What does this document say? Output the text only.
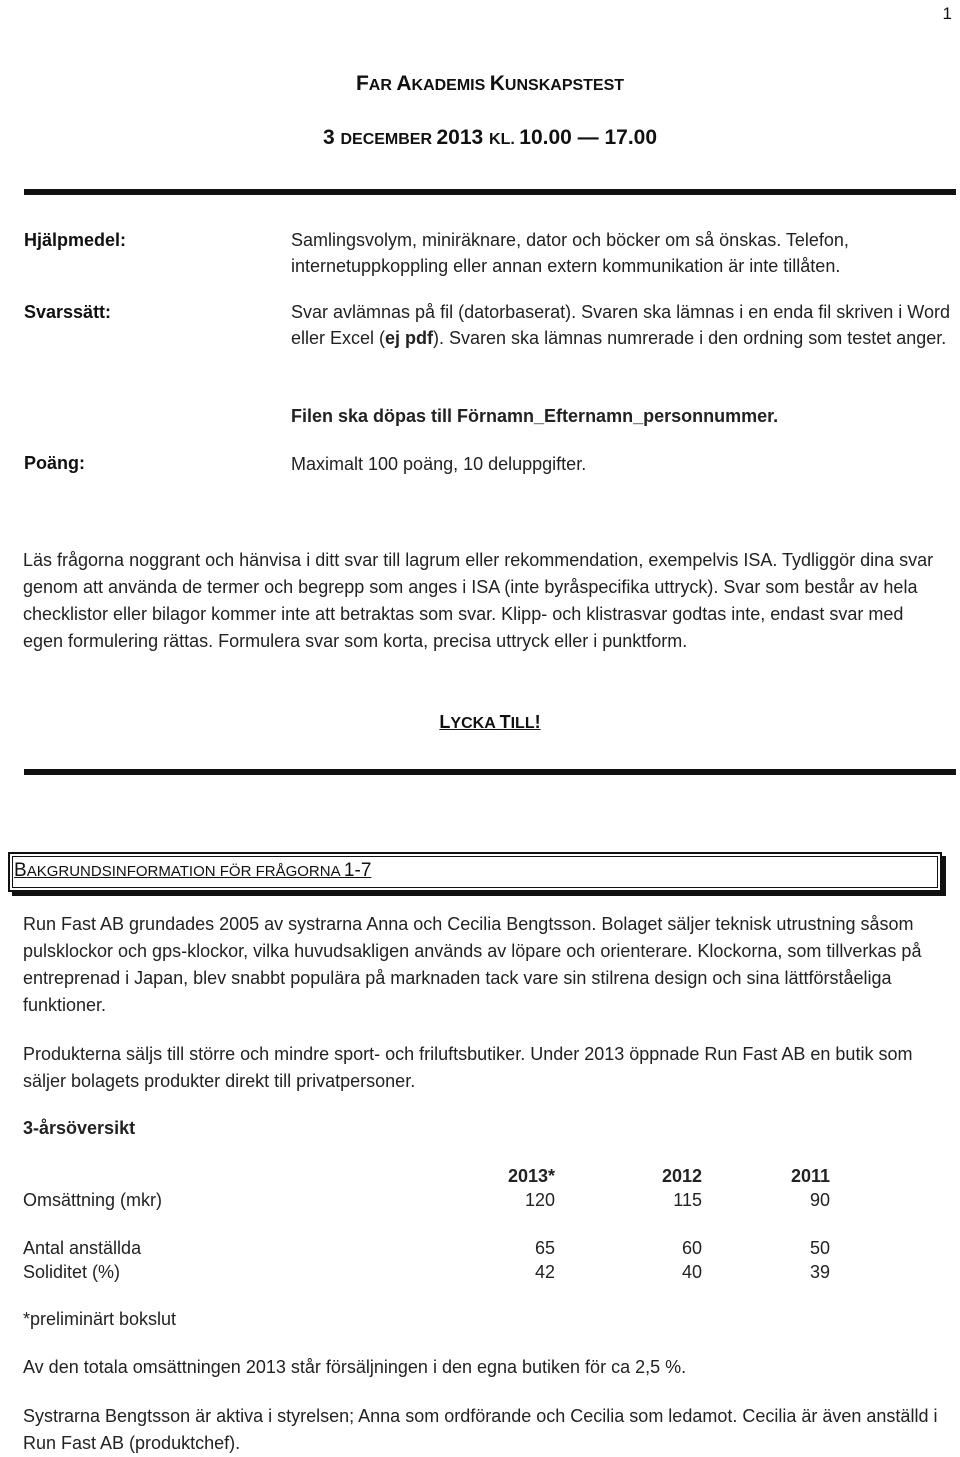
1
FAR AKADEMIS KUNSKAPSTEST
3 DECEMBER 2013 KL. 10.00 — 17.00
Hjälpmedel:	Samlingsvolym, miniräknare, dator och böcker om så önskas. Telefon, internetuppkoppling eller annan extern kommunikation är inte tillåten.
Svarssätt:	Svar avlämnas på fil (datorbaserat). Svaren ska lämnas i en enda fil skriven i Word eller Excel (ej pdf). Svaren ska lämnas numrerade i den ordning som testet anger.
Filen ska döpas till Förnamn_Efternamn_personnummer.
Poäng:	Maximalt 100 poäng, 10 deluppgifter.
Läs frågorna noggrant och hänvisa i ditt svar till lagrum eller rekommendation, exempelvis ISA. Tydliggör dina svar genom att använda de termer och begrepp som anges i ISA (inte byråspecifika uttryck). Svar som består av hela checklistor eller bilagor kommer inte att betraktas som svar. Klipp- och klistrasvar godtas inte, endast svar med egen formulering rättas. Formulera svar som korta, precisa uttryck eller i punktform.
LYCKA TILL!
BAKGRUNDSINFORMATION FÖR FRÅGORNA 1-7
Run Fast AB grundades 2005 av systrarna Anna och Cecilia Bengtsson. Bolaget säljer teknisk utrustning såsom pulsklockor och gps-klockor, vilka huvudsakligen används av löpare och orienterare. Klockorna, som tillverkas på entreprenad i Japan, blev snabbt populära på marknaden tack vare sin stilrena design och sina lättförståeliga funktioner.
Produkterna säljs till större och mindre sport- och friluftsbutiker. Under 2013 öppnade Run Fast AB en butik som säljer bolagets produkter direkt till privatpersoner.
3-årsöversikt
	2013*	2012	2011
Omsättning (mkr)	120	115	90

Antal anställda	65	60	50
Soliditet (%)	42	40	39
*preliminärt bokslut
Av den totala omsättningen 2013 står försäljningen i den egna butiken för ca 2,5 %.
Systrarna Bengtsson är aktiva i styrelsen; Anna som ordförande och Cecilia som ledamot. Cecilia är även anställd i Run Fast AB (produktchef).
